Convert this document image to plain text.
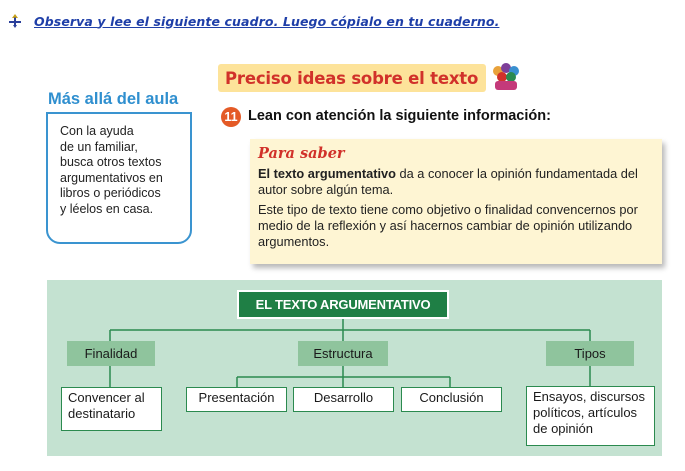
Observa y lee el siguiente cuadro. Luego cópialo en tu cuaderno.
Más allá del aula
Con la ayuda
de un familiar,
busca otros textos
argumentativos en
libros o periódicos
y léelos en casa.
Preciso ideas sobre el texto
11 Lean con atención la siguiente información:
Para saber

El texto argumentativo da a conocer la opinión fundamentada del autor sobre algún tema.

Este tipo de texto tiene como objetivo o finalidad convencernos por medio de la reflexión y así hacernos cambiar de opinión utilizando argumentos.

EL TEXTO ARGUMENTATIVO
Finalidad	Estructura	Tipos
Convencer al destinatario
Presentación	Desarrollo	Conclusión	Ensayos, discursos políticos, artículos de opinión
